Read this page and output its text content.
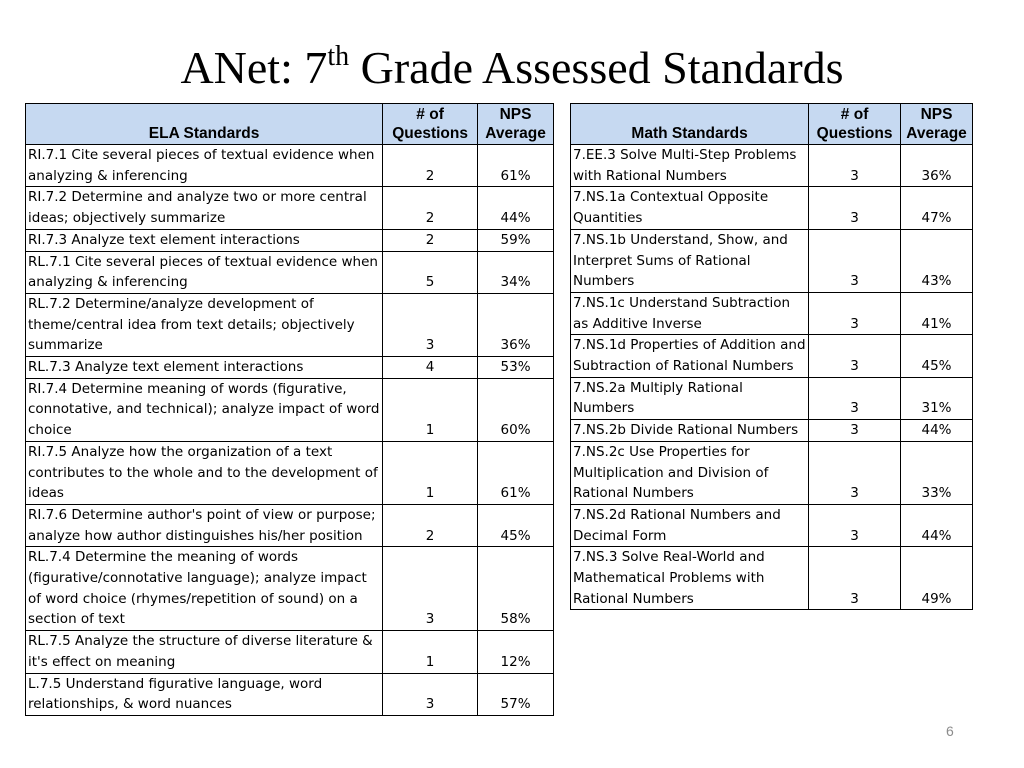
ANet: 7th Grade Assessed Standards
ELA Standards	# of Questions	NPS Average
RI.7.1 Cite several pieces of textual evidence when analyzing & inferencing	2	61%
RI.7.2 Determine and analyze two or more central ideas; objectively summarize	2	44%
RI.7.3 Analyze text element interactions	2	59%
RL.7.1 Cite several pieces of textual evidence when analyzing & inferencing	5	34%
RL.7.2 Determine/analyze development of theme/central idea from text details; objectively summarize	3	36%
RL.7.3 Analyze text element interactions	4	53%
RI.7.4 Determine meaning of words (figurative, connotative, and technical); analyze impact of word choice	1	60%
RI.7.5 Analyze how the organization of a text contributes to the whole and to the development of ideas	1	61%
RI.7.6 Determine author's point of view or purpose; analyze how author distinguishes his/her position	2	45%
RL.7.4 Determine the meaning of words (figurative/connotative language); analyze impact of word choice (rhymes/repetition of sound) on a section of text	3	58%
RL.7.5 Analyze the structure of diverse literature & it's effect on meaning	1	12%
L.7.5 Understand figurative language, word relationships, & word nuances	3	57%
Math Standards	# of Questions	NPS Average
7.EE.3 Solve Multi-Step Problems with Rational Numbers	3	36%
7.NS.1a Contextual Opposite Quantities	3	47%
7.NS.1b Understand, Show, and Interpret Sums of Rational Numbers	3	43%
7.NS.1c Understand Subtraction as Additive Inverse	3	41%
7.NS.1d Properties of Addition and Subtraction of Rational Numbers	3	45%
7.NS.2a Multiply Rational Numbers	3	31%
7.NS.2b Divide Rational Numbers	3	44%
7.NS.2c Use Properties for Multiplication and Division of Rational Numbers	3	33%
7.NS.2d Rational Numbers and Decimal Form	3	44%
7.NS.3 Solve Real-World and Mathematical Problems with Rational Numbers	3	49%
6
